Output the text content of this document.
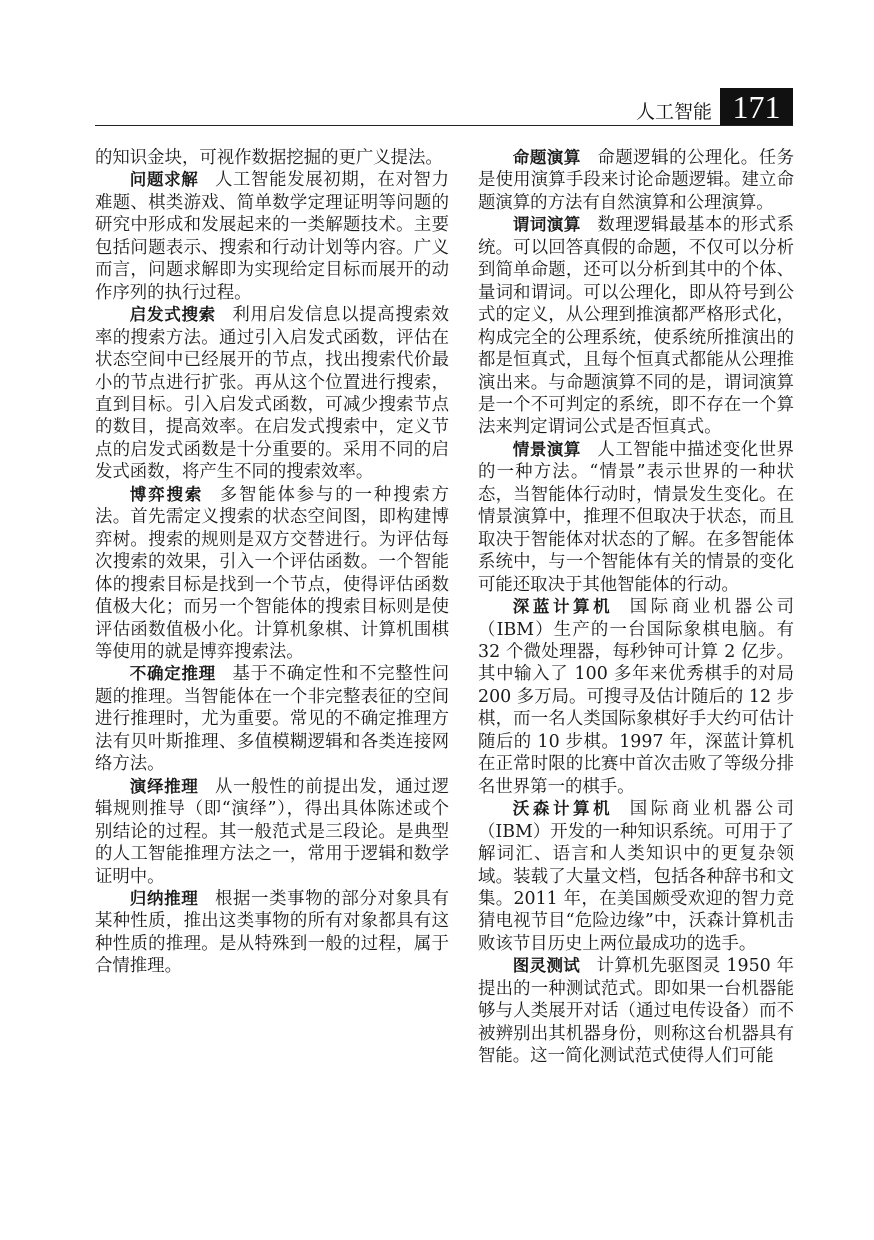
人工智能 171

的知识金块，可视作数据挖掘的更广义提法。

问题求解 人工智能发展初期，在对智力难题、棋类游戏、简单数学定理证明等问题的研究中形成和发展起来的一类解题技术。主要包括问题表示、搜索和行动计划等内容。广义而言，问题求解即为实现给定目标而展开的动作序列的执行过程。

启发式搜索 利用启发信息以提高搜索效率的搜索方法。通过引入启发式函数，评估在状态空间中已经展开的节点，找出搜索代价最小的节点进行扩张。再从这个位置进行搜索，直到目标。引入启发式函数，可减少搜索节点的数目，提高效率。在启发式搜索中，定义节点的启发式函数是十分重要的。采用不同的启发式函数，将产生不同的搜索效率。

博弈搜索 多智能体参与的一种搜索方法。首先需定义搜索的状态空间图，即构建博弈树。搜索的规则是双方交替进行。为评估每次搜索的效果，引入一个评估函数。一个智能体的搜索目标是找到一个节点，使得评估函数值极大化；而另一个智能体的搜索目标则是使评估函数值极小化。计算机象棋、计算机围棋等使用的就是博弈搜索法。

不确定推理 基于不确定性和不完整性问题的推理。当智能体在一个非完整表征的空间进行推理时，尤为重要。常见的不确定推理方法有贝叶斯推理、多值模糊逻辑和各类连接网络方法。

演绎推理 从一般性的前提出发，通过逻辑规则推导（即“演绎”），得出具体陈述或个别结论的过程。其一般范式是三段论。是典型的人工智能推理方法之一，常用于逻辑和数学证明中。

归纳推理 根据一类事物的部分对象具有某种性质，推出这类事物的所有对象都具有这种性质的推理。是从特殊到一般的过程，属于合情推理。

命题演算 命题逻辑的公理化。任务是使用演算手段来讨论命题逻辑。建立命题演算的方法有自然演算和公理演算。

谓词演算 数理逻辑最基本的形式系统。可以回答真假的命题，不仅可以分析到简单命题，还可以分析到其中的个体、量词和谓词。可以公理化，即从符号到公式的定义，从公理到推演都严格形式化，构成完全的公理系统，使系统所推演出的都是恒真式，且每个恒真式都能从公理推演出来。与命题演算不同的是，谓词演算是一个不可判定的系统，即不存在一个算法来判定谓词公式是否恒真式。

情景演算 人工智能中描述变化世界的一种方法。“情景”表示世界的一种状态，当智能体行动时，情景发生变化。在情景演算中，推理不但取决于状态，而且取决于智能体对状态的了解。在多智能体系统中，与一个智能体有关的情景的变化可能还取决于其他智能体的行动。

深蓝计算机 国际商业机器公司（IBM）生产的一台国际象棋电脑。有 32 个微处理器，每秒钟可计算 2 亿步。其中输入了 100 多年来优秀棋手的对局 200 多万局。可搜寻及估计随后的 12 步棋，而一名人类国际象棋好手大约可估计随后的 10 步棋。1997 年，深蓝计算机在正常时限的比赛中首次击败了等级分排名世界第一的棋手。

沃森计算机 国际商业机器公司（IBM）开发的一种知识系统。可用于了解词汇、语言和人类知识中的更复杂领域。装载了大量文档，包括各种辞书和文集。2011 年，在美国颇受欢迎的智力竞猜电视节目“危险边缘”中，沃森计算机击败该节目历史上两位最成功的选手。

图灵测试 计算机先驱图灵 1950 年提出的一种测试范式。即如果一台机器能够与人类展开对话（通过电传设备）而不被辨别出其机器身份，则称这台机器具有智能。这一简化测试范式使得人们可能
